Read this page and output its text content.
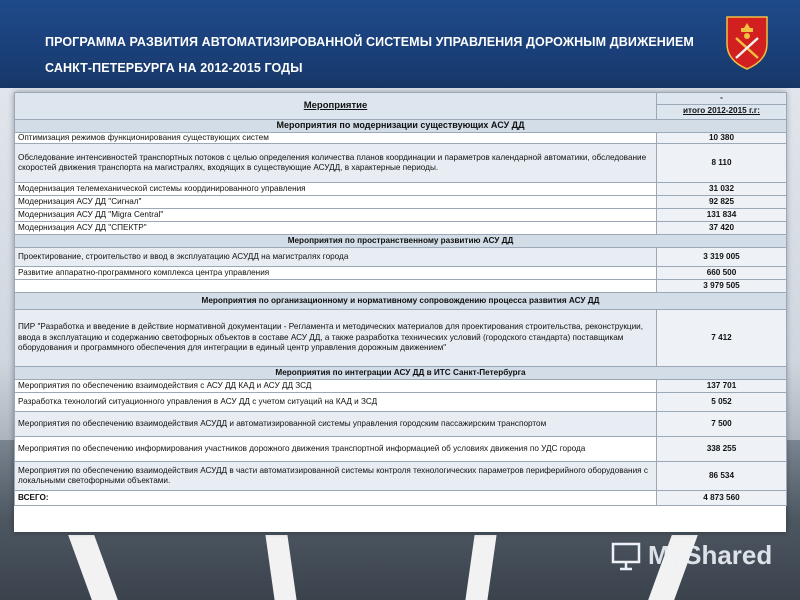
ПРОГРАММА РАЗВИТИЯ АВТОМАТИЗИРОВАННОЙ СИСТЕМЫ УПРАВЛЕНИЯ ДОРОЖНЫМ ДВИЖЕНИЕМ
САНКТ-ПЕТЕРБУРГА НА 2012-2015 ГОДЫ
Мероприятие	-
	итого 2012-2015 г.г:
Мероприятия по модернизации существующих АСУ ДД	
Оптимизация режимов функционирования существующих систем	10 380
Обследование интенсивностей транспортных потоков с целью определения количества планов координации и параметров календарной автоматики, обследование скоростей движения транспорта на магистралях, входящих в существующие АСУДД, в характерные периоды.	8 110
Модернизация телемеханической системы координированного управления	31 032
Модернизация АСУ ДД "Сигнал"	92 825
Модернизация АСУ ДД "Migra Central"	131 834
Модернизация АСУ ДД "СПЕКТР"	37 420
Мероприятия по пространственному развитию АСУ ДД	
Проектирование, строительство и ввод в эксплуатацию АСУДД на магистралях города	3 319 005
Развитие аппаратно-программного комплекса центра управления	660 500
	3 979 505
Мероприятия по организационному и нормативному сопровождению процесса развития АСУ ДД	
ПИР "Разработка и введение в действие нормативной документации - Регламента и методических материалов для проектирования строительства, реконструкции, ввода в эксплуатацию и содержанию светофорных объектов в составе АСУ ДД, а также разработка технических условий (городского стандарта) поставщикам оборудования и программного обеспечения для интеграции в единый центр управления дорожным движением"	7 412
Мероприятия по интеграции АСУ ДД в ИТС Санкт-Петербурга	
Мероприятия по обеспечению взаимодействия с АСУ ДД КАД и АСУ ДД ЗСД	137 701
Разработка технологий ситуационного управления в АСУ ДД с учетом ситуаций на КАД и ЗСД	5 052
Мероприятия по обеспечению взаимодействия АСУДД и автоматизированной системы управления городским пассажирским транспортом	7 500
Мероприятия по обеспечению информирования участников дорожного движения транспортной информацией об условиях движения по УДС города	338 255
Мероприятия по обеспечению взаимодействия АСУДД в части автоматизированной системы контроля технологических параметров периферийного оборудования с локальными светофорными объектами.	86 534
ВСЕГО:	4 873 560
MyShared
